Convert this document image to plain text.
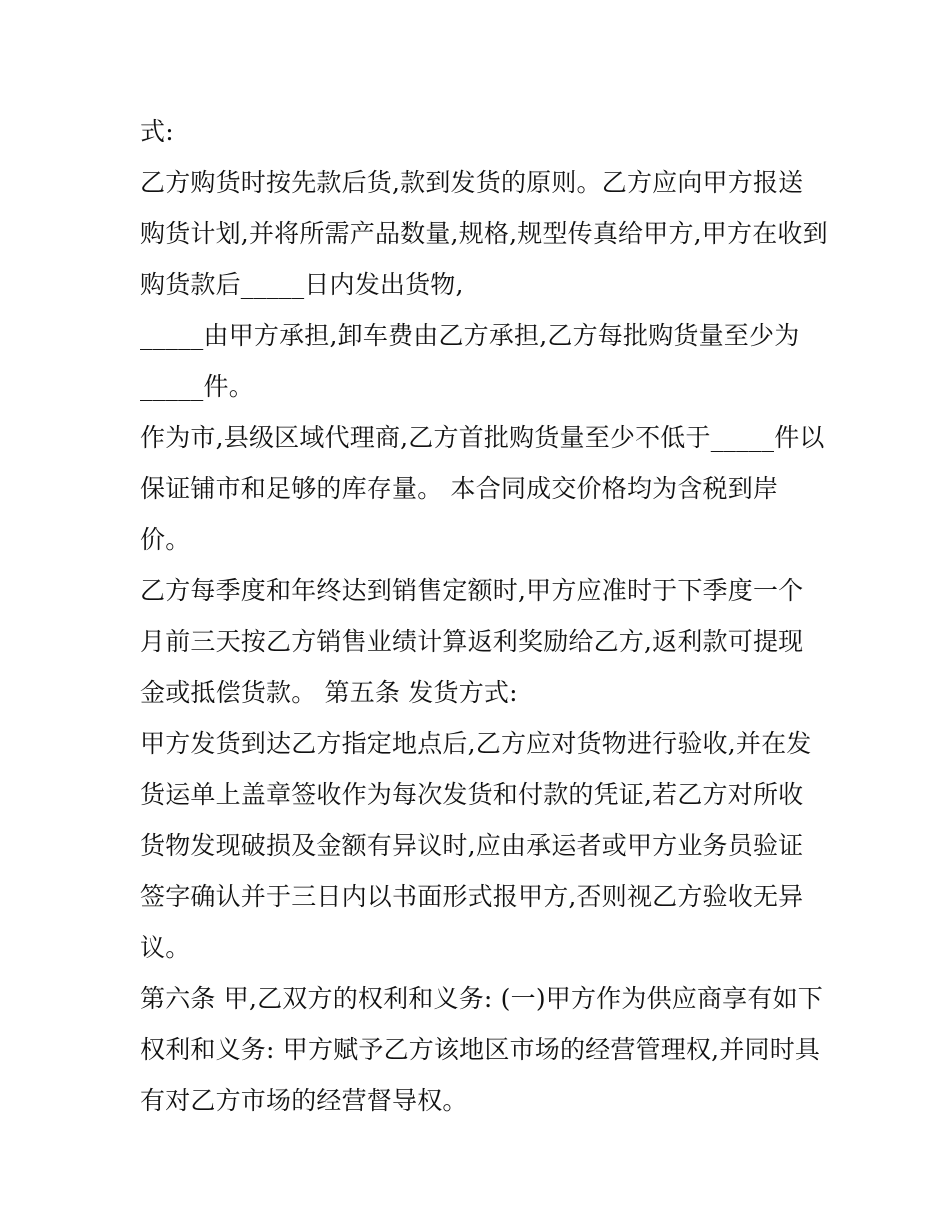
式:
乙方购货时按先款后货,款到发货的原则。乙方应向甲方报送
购货计划,并将所需产品数量,规格,规型传真给甲方,甲方在收到
购货款后_____日内发出货物,
_____由甲方承担,卸车费由乙方承担,乙方每批购货量至少为
_____件。
作为市,县级区域代理商,乙方首批购货量至少不低于_____件以
保证铺市和足够的库存量。 本合同成交价格均为含税到岸
价。
乙方每季度和年终达到销售定额时,甲方应准时于下季度一个
月前三天按乙方销售业绩计算返利奖励给乙方,返利款可提现
金或抵偿货款。 第五条 发货方式:
甲方发货到达乙方指定地点后,乙方应对货物进行验收,并在发
货运单上盖章签收作为每次发货和付款的凭证,若乙方对所收
货物发现破损及金额有异议时,应由承运者或甲方业务员验证
签字确认并于三日内以书面形式报甲方,否则视乙方验收无异
议。
第六条 甲,乙双方的权利和义务: (一)甲方作为供应商享有如下
权利和义务: 甲方赋予乙方该地区市场的经营管理权,并同时具
有对乙方市场的经营督导权。
